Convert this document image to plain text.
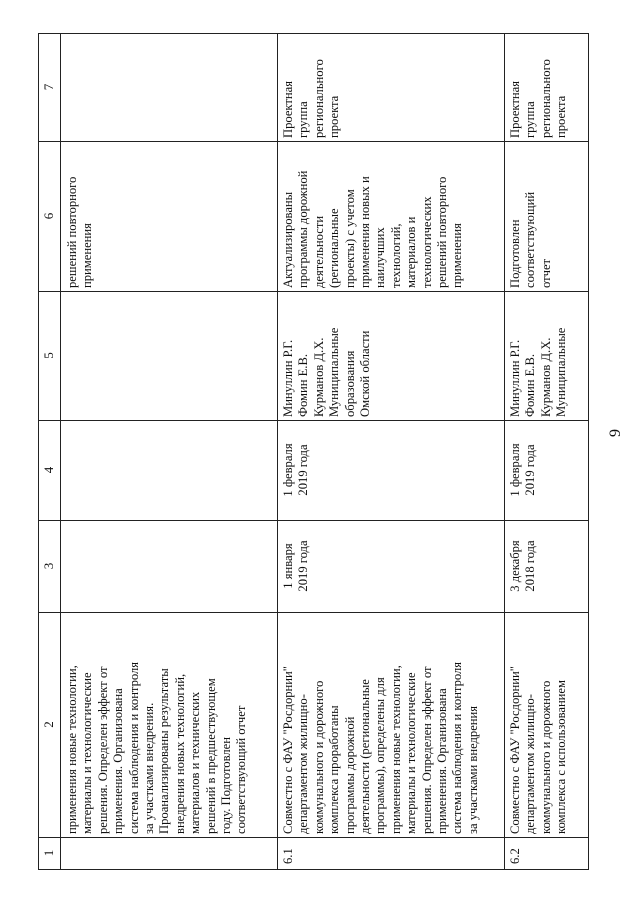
9
1
2
3
4
5
6
7
применения новые технологии,
материалы и технологические
решения. Определен эффект от
применения. Организована
система наблюдения и контроля
за участками внедрения.
Проанализированы результаты
внедрения новых технологий,
материалов и технических
решений в предшествующем
году. Подготовлен
соответствующий отчет
решений повторного
применения
6.1
Совместно с ФАУ "Росдорнии"
департаментом жилищно-
коммунального и дорожного
комплекса проработаны
программы дорожной
деятельности (региональные
программы), определены для
применения новые технологии,
материалы и технологические
решения. Определен эффект от
применения. Организована
система наблюдения и контроля
за участками внедрения
1 января
2019 года
1 февраля
2019 года
Минуллин Р.Г.
Фомин Е.В.
Курманов Д.Х.
Муниципальные
образования
Омской области
Актуализированы
программы дорожной
деятельности
(региональные
проекты) с учетом
применения новых и
наилучших
технологий,
материалов и
технологических
решений повторного
применения
Проектная
группа
регионального
проекта
6.2
Совместно с ФАУ "Росдорнии"
департаментом жилищно-
коммунального и дорожного
комплекса с использованием
3 декабря
2018 года
1 февраля
2019 года
Минуллин Р.Г.
Фомин Е.В.
Курманов Д.Х.
Муниципальные
Подготовлен
соответствующий
отчет
Проектная
группа
регионального
проекта
